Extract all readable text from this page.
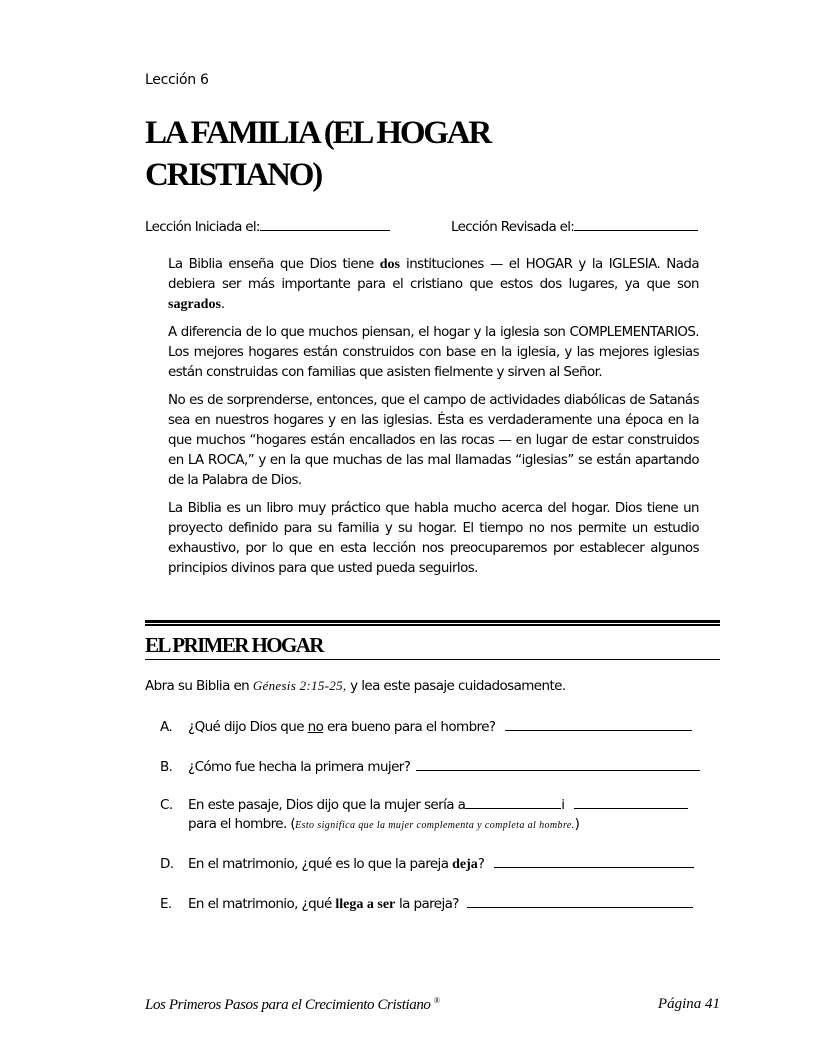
Lección 6
LA FAMILIA (EL HOGAR
CRISTIANO)
Lección Iniciada el:	Lección Revisada el:

La Biblia enseña que Dios tiene dos instituciones — el HOGAR y la IGLESIA. Nada debiera ser más importante para el cristiano que estos dos lugares, ya que son sagrados.

A diferencia de lo que muchos piensan, el hogar y la iglesia son COMPLEMENTARIOS. Los mejores hogares están construidos con base en la iglesia, y las mejores iglesias están construidas con familias que asisten fielmente y sirven al Señor.

No es de sorprenderse, entonces, que el campo de actividades diabólicas de Satanás sea en nuestros hogares y en las iglesias. Ésta es verdaderamente una época en la que muchos “hogares están encallados en las rocas — en lugar de estar construidos en LA ROCA,” y en la que muchas de las mal llamadas “iglesias” se están apartando de la Palabra de Dios.

La Biblia es un libro muy práctico que habla mucho acerca del hogar. Dios tiene un proyecto definido para su familia y su hogar. El tiempo no nos permite un estudio exhaustivo, por lo que en esta lección nos preocuparemos por establecer algunos principios divinos para que usted pueda seguirlos.

EL PRIMER HOGAR
Abra su Biblia en Génesis 2:15-25, y lea este pasaje cuidadosamente.
A. ¿Qué dijo Dios que no era bueno para el hombre?
B. ¿Cómo fue hecha la primera mujer?
C. En este pasaje, Dios dijo que la mujer sería a	i
para el hombre. (Esto significa que la mujer complementa y completa al hombre.)
D. En el matrimonio, ¿qué es lo que la pareja deja?
E. En el matrimonio, ¿qué llega a ser la pareja?
Los Primeros Pasos para el Crecimiento Cristiano ®	Página 41
